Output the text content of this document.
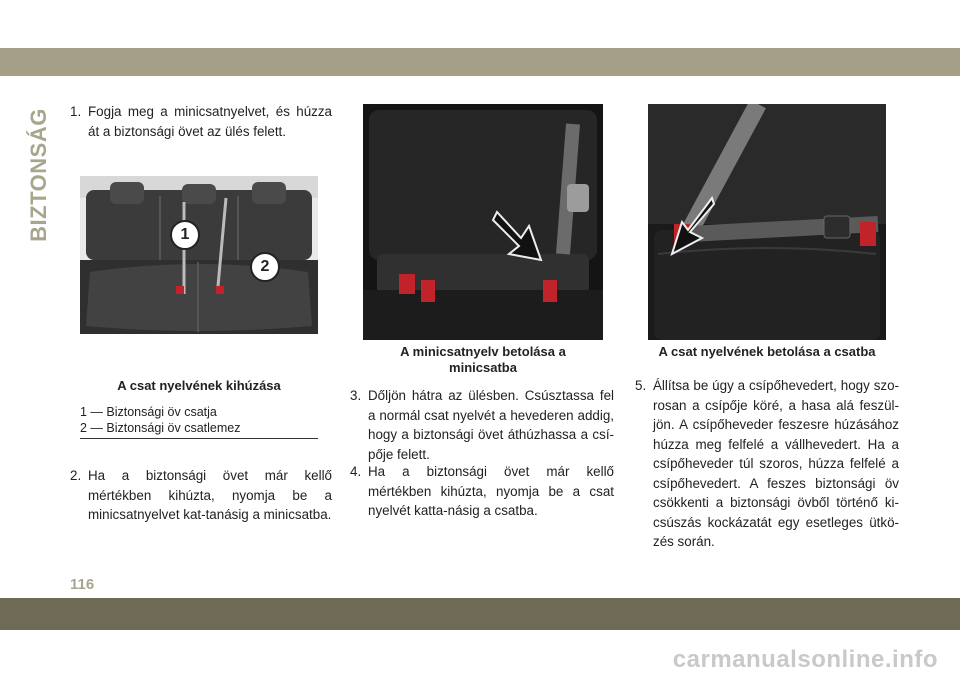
BIZTONSÁG 1. Fogja meg a minicsatnyelvet, és húzza át a biztonsági övet az ülés felett.
1
2
A csat nyelvének kihúzása
1 — Biztonsági öv csatja
2 — Biztonsági öv csatlemez
2. Ha a biztonsági övet már kellő mértékben kihúzta, nyomja be a minicsatnyelvet kat-tanásig a minicsatba.
A minicsatnyelv betolása a
minicsatba
3. Dőljön hátra az ülésben. Csúsztassa fel a normál csat nyelvét a hevederen addig, hogy a biztonsági övet áthúzhassa a csí-pője felett.
4. Ha a biztonsági övet már kellő mértékben kihúzta, nyomja be a csat nyelvét katta-násig a csatba.
A csat nyelvének betolása a csatba
5. Állítsa be úgy a csípőhevedert, hogy szo-rosan a csípője köré, a hasa alá feszül-jön. A csípőheveder feszesre húzásához húzza meg felfelé a vállhevedert. Ha a csípőheveder túl szoros, húzza felfelé a csípőhevedert. A feszes biztonsági öv csökkenti a biztonsági övből történő ki-csúszás kockázatát egy esetleges ütkö-zés során.
116
carmanualsonline.info
